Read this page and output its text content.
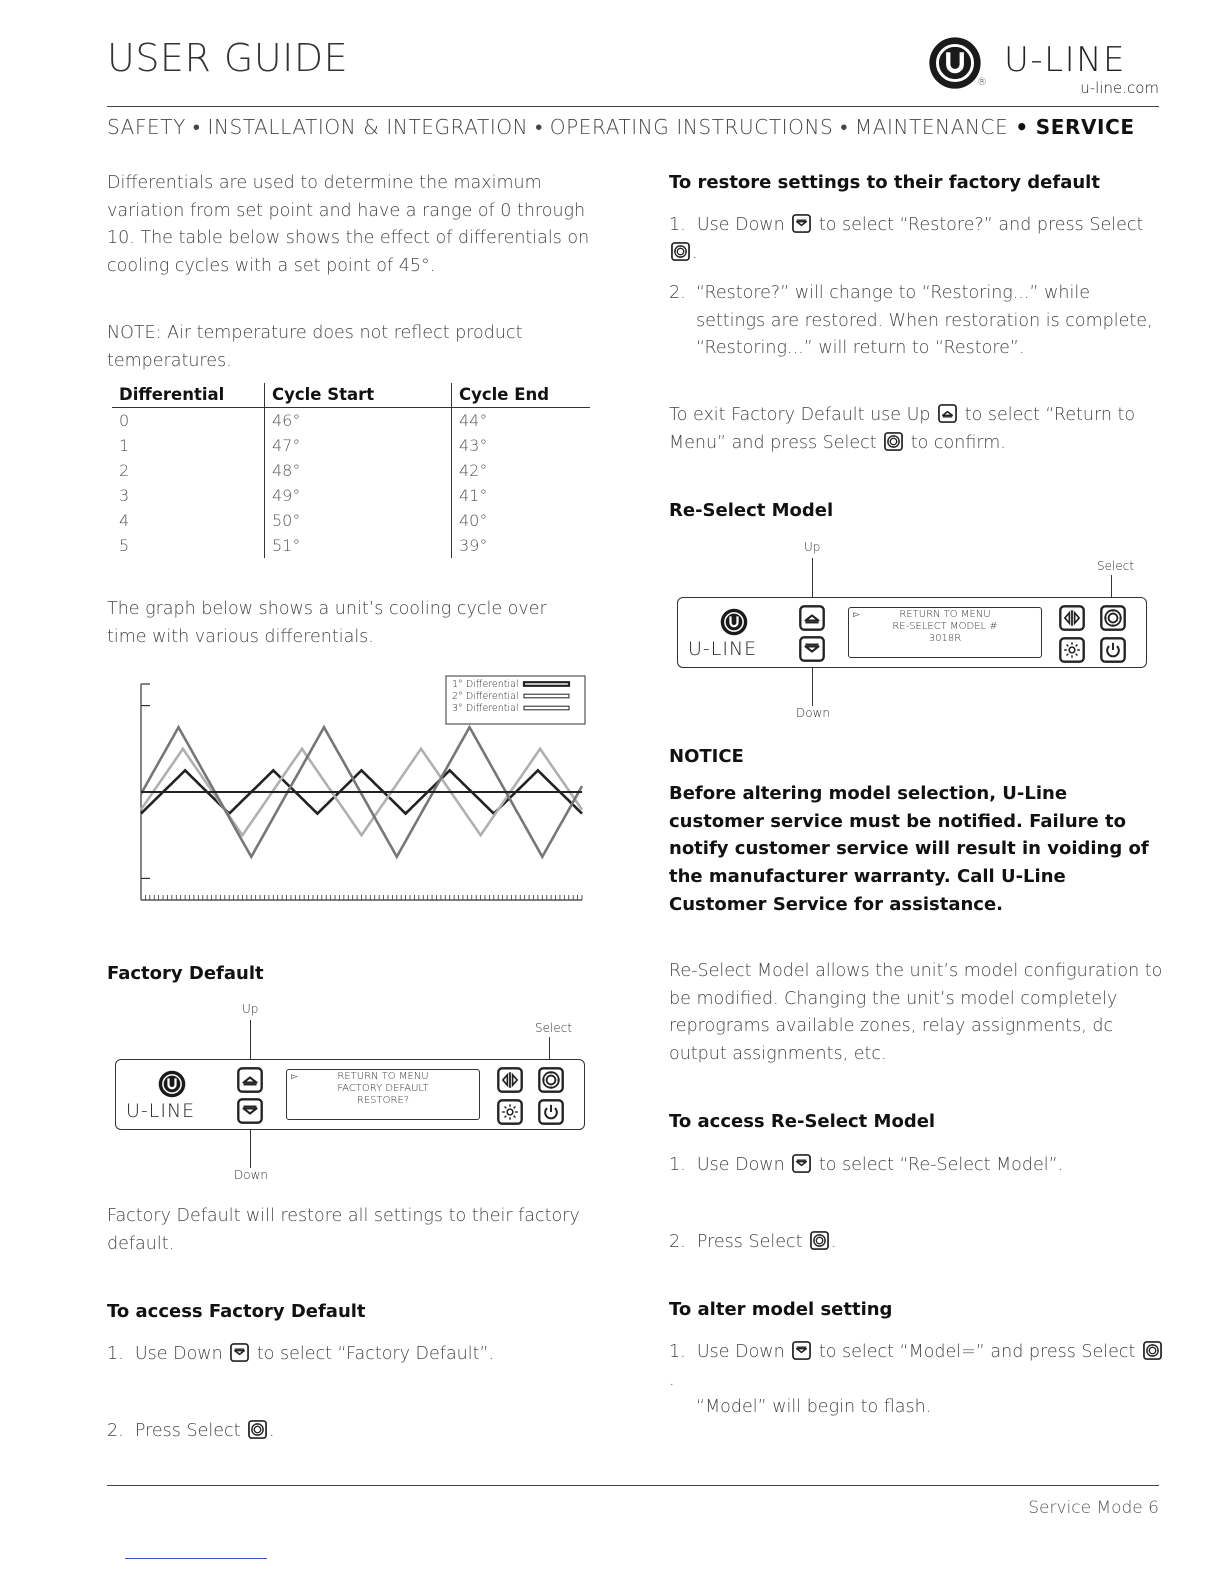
USER GUIDE
®
U-LINE
u-line.com
SAFETY • INSTALLATION & INTEGRATION • OPERATING INSTRUCTIONS • MAINTENANCE • SERVICE
Differentials are used to determine the maximum variation from set point and have a range of 0 through 10. The table below shows the effect of differentials on cooling cycles with a set point of 45°.
NOTE: Air temperature does not reflect product temperatures.
Differential	Cycle Start	Cycle End
0	46°	44°
1	47°	43°
2	48°	42°
3	49°	41°
4	50°	40°
5	51°	39°
The graph below shows a unit’s cooling cycle over time with various differentials.
1° Differential
2° Differential
3° Differential
Factory Default
Up
Select
U-LINE
▻	RETURN TO MENU
FACTORY DEFAULT
RESTORE?
Down
Factory Default will restore all settings to their factory default.
To access Factory Default
1. Use Down to select “Factory Default”.
2. Press Select .
To restore settings to their factory default
1. Use Down to select “Restore?” and press Select .
2. “Restore?” will change to “Restoring...” while settings are restored. When restoration is complete, “Restoring...” will return to “Restore”.
To exit Factory Default use Up to select “Return to Menu” and press Select to confirm.
Re-Select Model
Up
Select
U-LINE
▻	RETURN TO MENU
RE-SELECT MODEL #
3018R
Down
NOTICE
Before altering model selection, U-Line customer service must be notified. Failure to notify customer service will result in voiding of the manufacturer warranty. Call U-Line Customer Service for assistance.
Re-Select Model allows the unit’s model configuration to be modified. Changing the unit’s model completely reprograms available zones, relay assignments, dc output assignments, etc.
To access Re-Select Model
1. Use Down to select “Re-Select Model”.
2. Press Select .
To alter model setting
1. Use Down to select “Model=” and press Select .
“Model” will begin to flash.
Service Mode 6
